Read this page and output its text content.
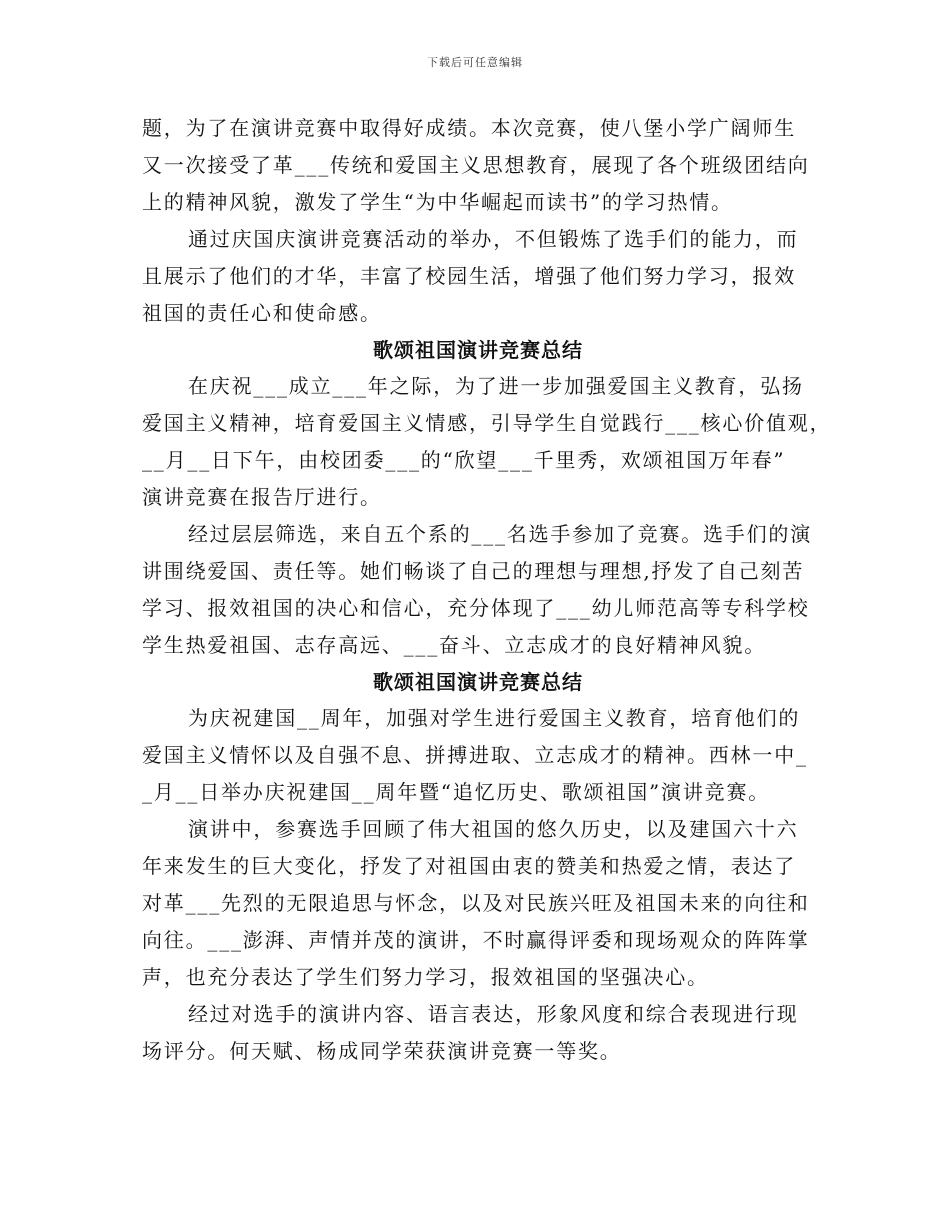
下载后可任意编辑
题，为了在演讲竞赛中取得好成绩。本次竞赛，使八堡小学广阔师生
又一次接受了革___传统和爱国主义思想教育，展现了各个班级团结向
上的精神风貌，激发了学生“为中华崛起而读书”的学习热情。
通过庆国庆演讲竞赛活动的举办，不但锻炼了选手们的能力，而
且展示了他们的才华，丰富了校园生活，增强了他们努力学习，报效
祖国的责任心和使命感。
歌颂祖国演讲竞赛总结
在庆祝___成立___年之际，为了进一步加强爱国主义教育，弘扬
爱国主义精神，培育爱国主义情感，引导学生自觉践行___核心价值观，
__月__日下午，由校团委___的“欣望___千里秀，欢颂祖国万年春”
演讲竞赛在报告厅进行。
经过层层筛选，来自五个系的___名选手参加了竞赛。选手们的演
讲围绕爱国、责任等。她们畅谈了自己的理想与理想,抒发了自己刻苦
学习、报效祖国的决心和信心，充分体现了___幼儿师范高等专科学校
学生热爱祖国、志存高远、___奋斗、立志成才的良好精神风貌。
歌颂祖国演讲竞赛总结
为庆祝建国__周年，加强对学生进行爱国主义教育，培育他们的
爱国主义情怀以及自强不息、拼搏进取、立志成才的精神。西林一中_
_月__日举办庆祝建国__周年暨“追忆历史、歌颂祖国”演讲竞赛。
演讲中，参赛选手回顾了伟大祖国的悠久历史，以及建国六十六
年来发生的巨大变化，抒发了对祖国由衷的赞美和热爱之情，表达了
对革___先烈的无限追思与怀念，以及对民族兴旺及祖国未来的向往和
向往。___澎湃、声情并茂的演讲，不时赢得评委和现场观众的阵阵掌
声，也充分表达了学生们努力学习，报效祖国的坚强决心。
经过对选手的演讲内容、语言表达，形象风度和综合表现进行现
场评分。何天赋、杨成同学荣获演讲竞赛一等奖。
